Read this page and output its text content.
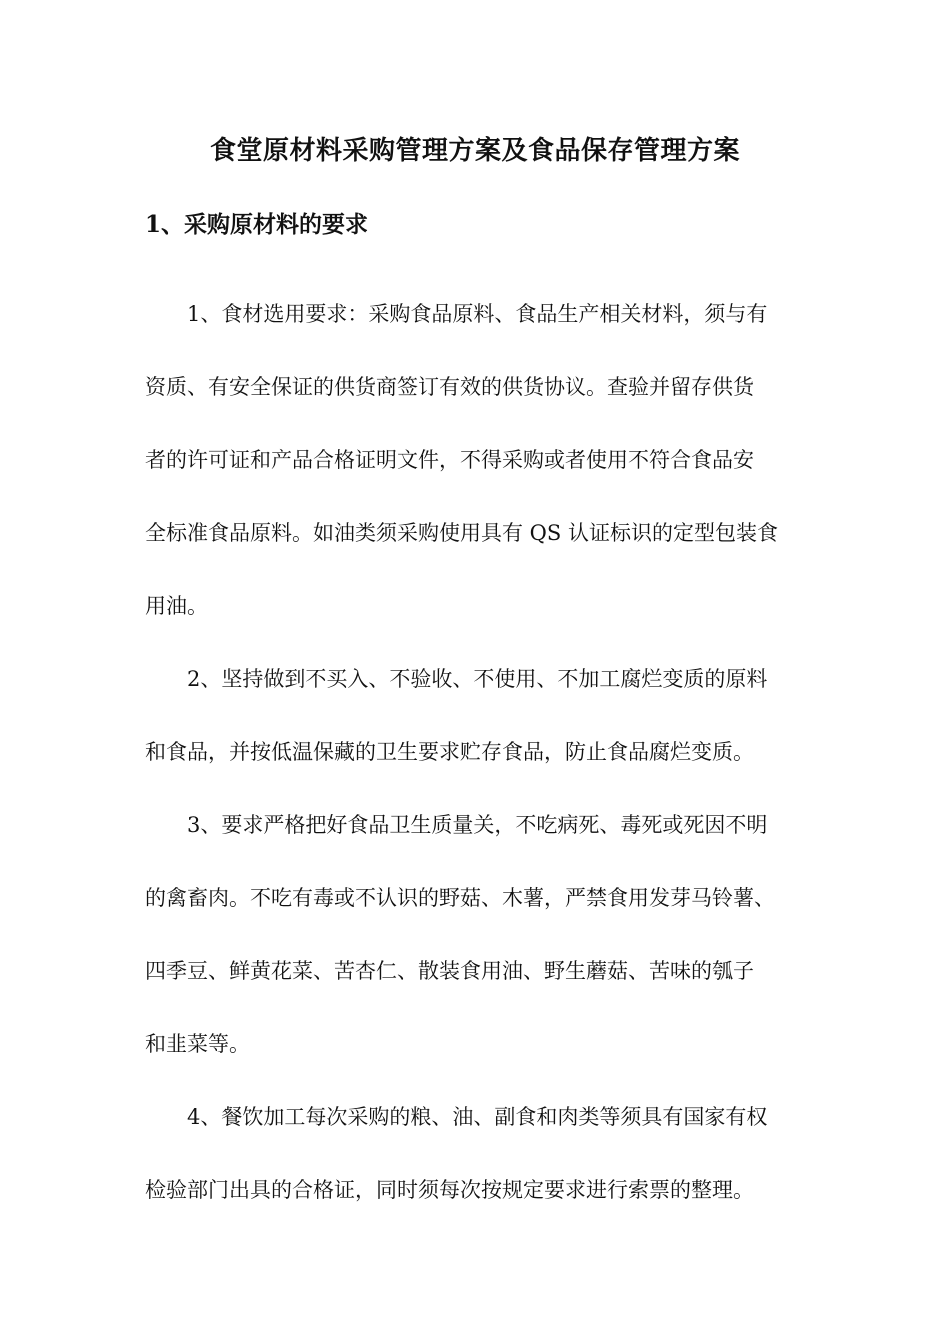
食堂原材料采购管理方案及食品保存管理方案
1、采购原材料的要求

1、食材选用要求：采购食品原料、食品生产相关材料，须与有
资质、有安全保证的供货商签订有效的供货协议。查验并留存供货
者的许可证和产品合格证明文件，不得采购或者使用不符合食品安
全标准食品原料。如油类须采购使用具有 QS 认证标识的定型包装食
用油。

2、坚持做到不买入、不验收、不使用、不加工腐烂变质的原料
和食品，并按低温保藏的卫生要求贮存食品，防止食品腐烂变质。

3、要求严格把好食品卫生质量关，不吃病死、毒死或死因不明
的禽畜肉。不吃有毒或不认识的野菇、木薯，严禁食用发芽马铃薯、
四季豆、鲜黄花菜、苦杏仁、散装食用油、野生蘑菇、苦味的瓠子
和韭菜等。

4、餐饮加工每次采购的粮、油、副食和肉类等须具有国家有权
检验部门出具的合格证，同时须每次按规定要求进行索票的整理。
